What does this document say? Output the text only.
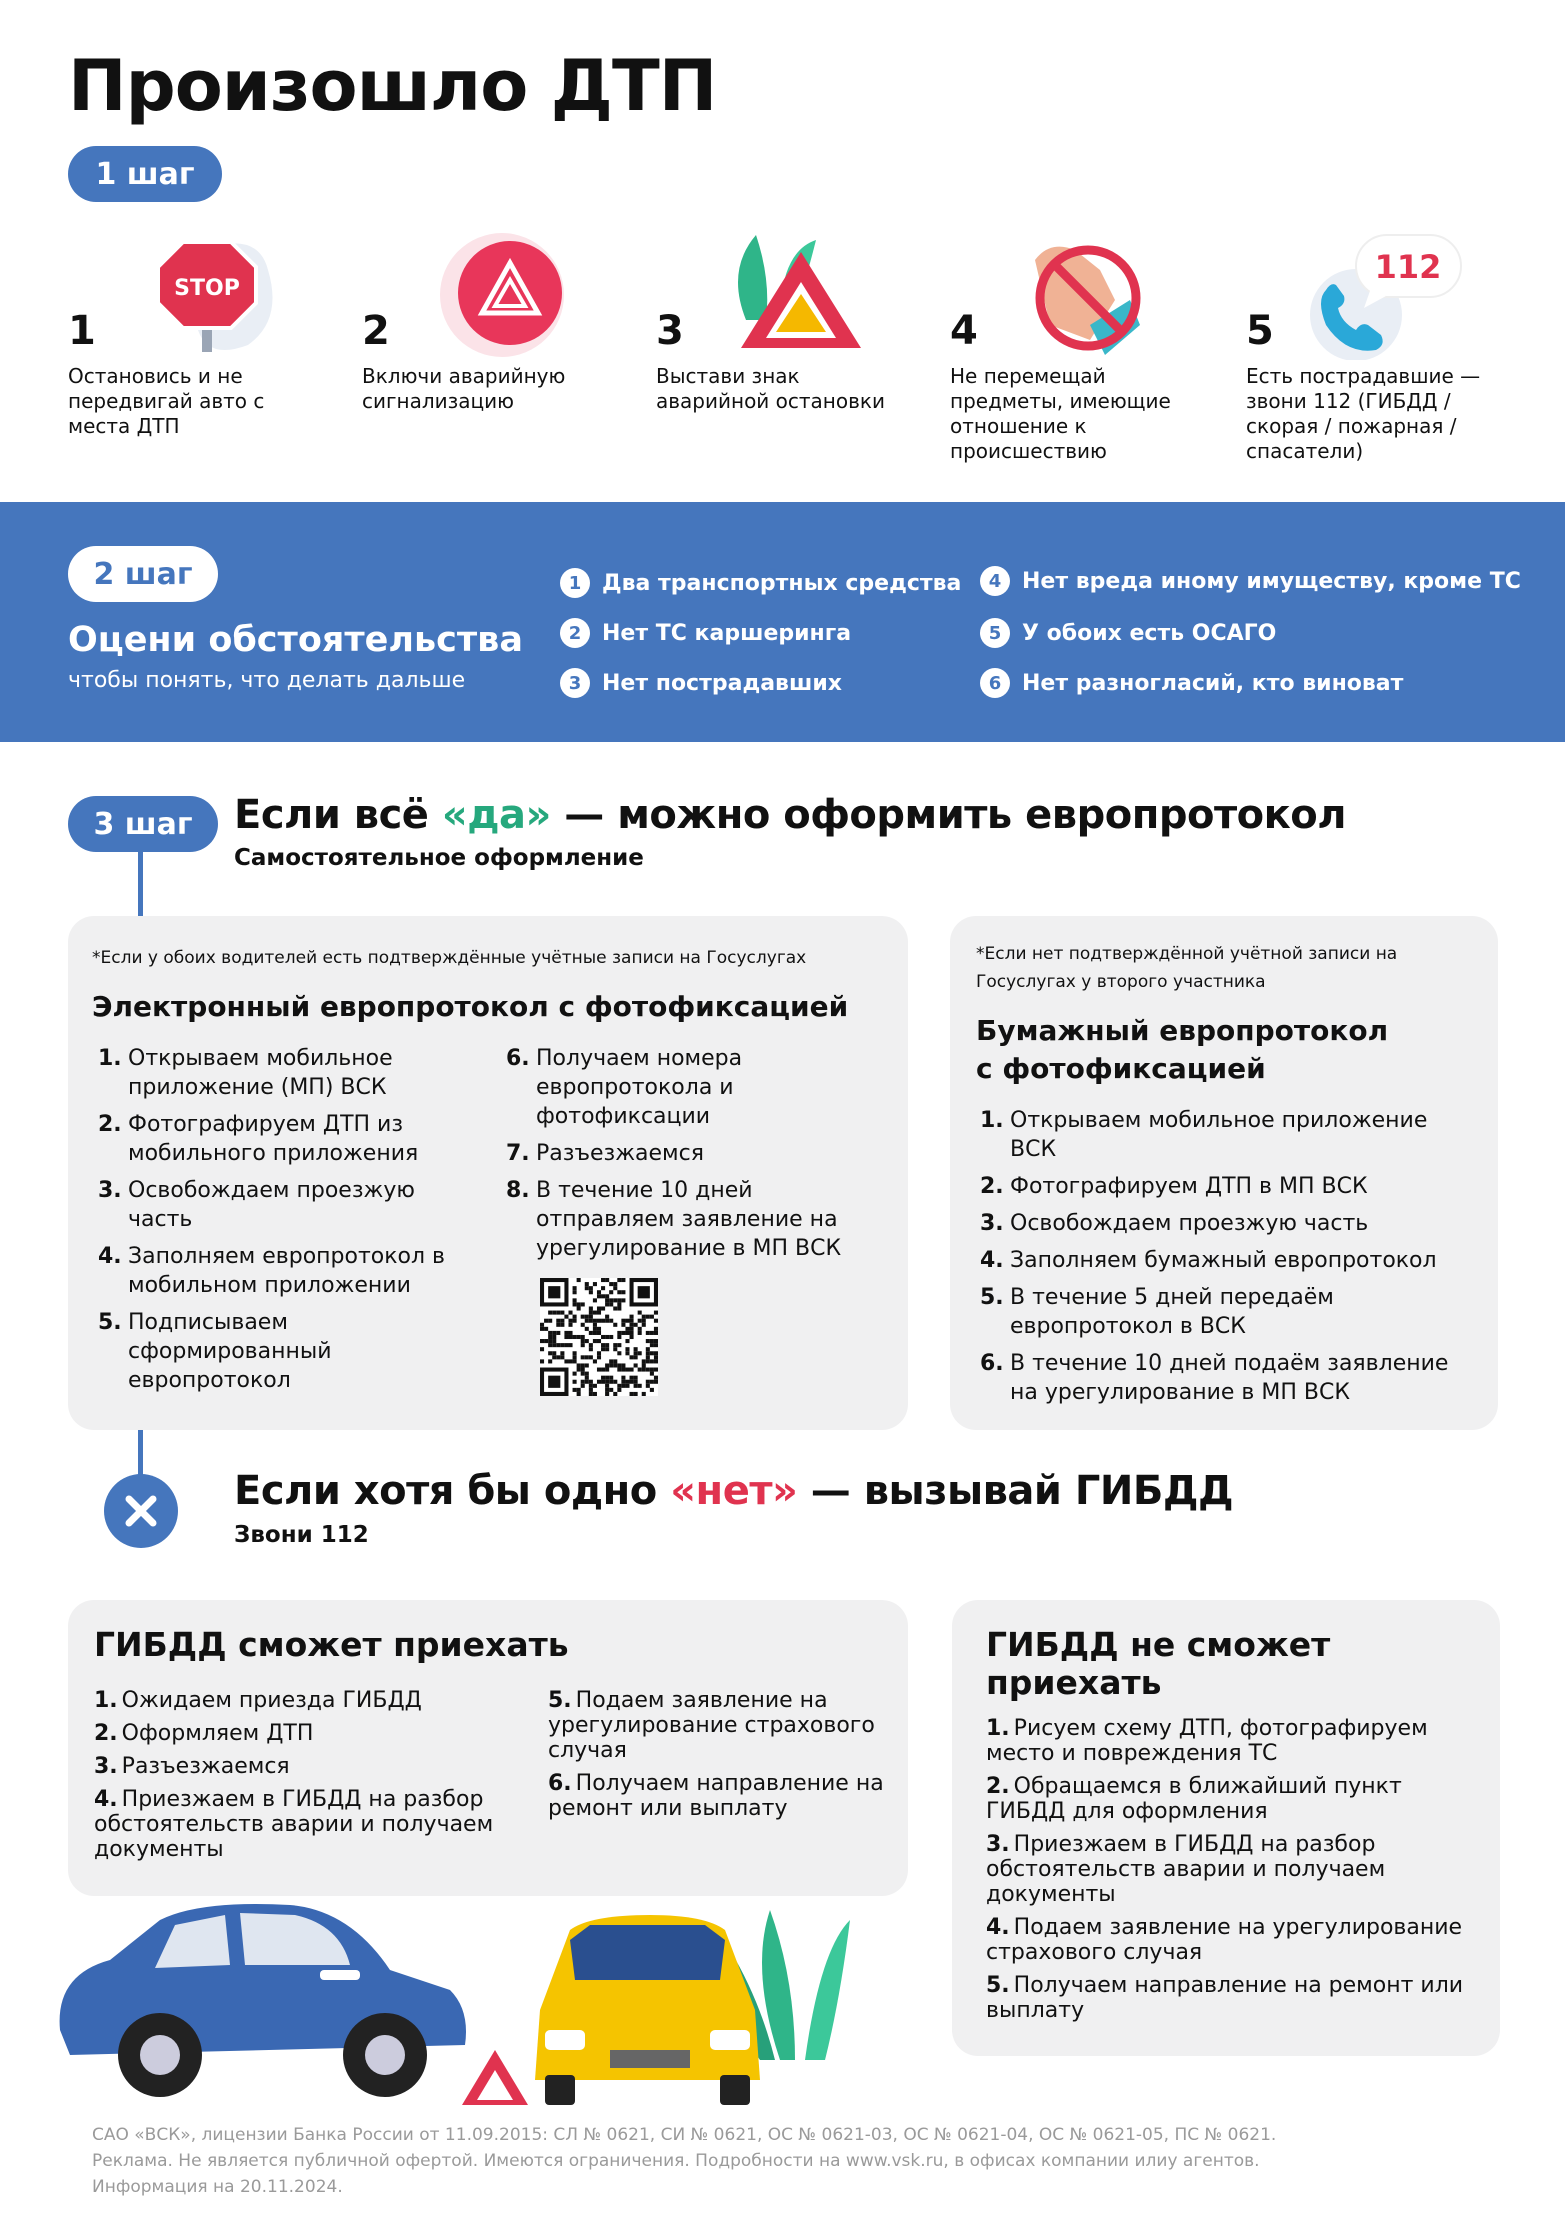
Произошло ДТП
1 шаг
STOP
1
Остановись и не передвигай авто с места ДТП
2
Включи аварийную сигнализацию
3
Выстави знак аварийной остановки
4
Не перемещай предметы, имеющие отношение к происшествию
112
5
Есть пострадавшие — звони 112 (ГИБДД / скорая / пожарная / спасатели)
2 шаг
Оцени обстоятельства
чтобы понять, что делать дальше
1 Два транспортных средства
2 Нет ТС каршеринга
3 Нет пострадавших
4 Нет вреда иному имуществу, кроме ТС
5 У обоих есть ОСАГО
6 Нет разногласий, кто виноват
3 шаг	Если всё «да» — можно оформить европротокол
Самостоятельное оформление
*Если у обоих водителей есть подтверждённые учётные записи на Госуслугах
Электронный европротокол с фотофиксацией
1. Открываем мобильное приложение (МП) ВСК
2. Фотографируем ДТП из мобильного приложения
3. Освобождаем проезжую часть
4. Заполняем европротокол в мобильном приложении
5. Подписываем сформированный европротокол
6. Получаем номера европротокола и фотофиксации
7. Разъезжаемся
8. В течение 10 дней отправляем заявление на урегулирование в МП ВСК
*Если нет подтверждённой учётной записи на Госуслугах у второго участника
Бумажный европротокол с фотофиксацией
1. Открываем мобильное приложение ВСК
2. Фотографируем ДТП в МП ВСК
3. Освобождаем проезжую часть
4. Заполняем бумажный европротокол
5. В течение 5 дней передаём европротокол в ВСК
6. В течение 10 дней подаём заявление на урегулирование в МП ВСК
Если хотя бы одно «нет» — вызывай ГИБДД
Звони 112
ГИБДД сможет приехать
1. Ожидаем приезда ГИБДД
2. Оформляем ДТП
3. Разъезжаемся
4. Приезжаем в ГИБДД на разбор обстоятельств аварии и получаем документы
5. Подаем заявление на урегулирование страхового случая
6. Получаем направление на ремонт или выплату
ГИБДД не сможет приехать
1. Рисуем схему ДТП, фотографируем место и повреждения ТС
2. Обращаемся в ближайший пункт ГИБДД для оформления
3. Приезжаем в ГИБДД на разбор обстоятельств аварии и получаем документы
4. Подаем заявление на урегулирование страхового случая
5. Получаем направление на ремонт или выплату
САО «ВСК», лицензии Банка России от 11.09.2015: СЛ № 0621, СИ № 0621, ОС № 0621-03, ОС № 0621-04, ОС № 0621-05, ПС № 0621.
Реклама. Не является публичной офертой. Имеются ограничения. Подробности на www.vsk.ru, в офисах компании илиу агентов.
Информация на 20.11.2024.
